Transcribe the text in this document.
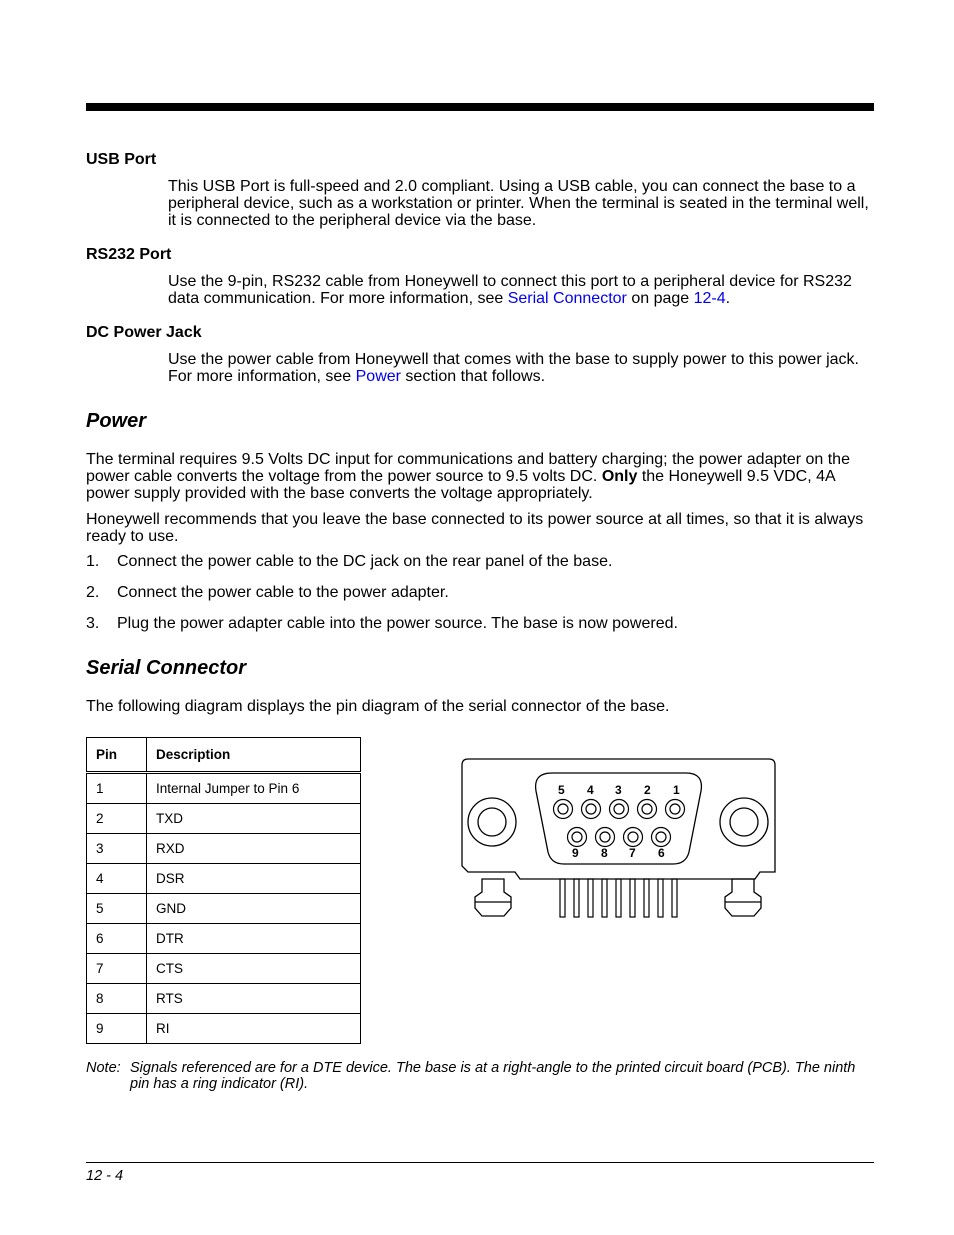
USB Port
This USB Port is full-speed and 2.0 compliant. Using a USB cable, you can connect the base to a peripheral device, such as a workstation or printer. When the terminal is seated in the terminal well, it is connected to the peripheral device via the base.
RS232 Port
Use the 9-pin, RS232 cable from Honeywell to connect this port to a peripheral device for RS232 data communication. For more information, see Serial Connector on page 12-4.
DC Power Jack
Use the power cable from Honeywell that comes with the base to supply power to this power jack. For more information, see Power section that follows.
Power
The terminal requires 9.5 Volts DC input for communications and battery charging; the power adapter on the power cable converts the voltage from the power source to 9.5 volts DC. Only the Honeywell 9.5 VDC, 4A power supply provided with the base converts the voltage appropriately.
Honeywell recommends that you leave the base connected to its power source at all times, so that it is always ready to use.
1. Connect the power cable to the DC jack on the rear panel of the base.
2. Connect the power cable to the power adapter.
3. Plug the power adapter cable into the power source. The base is now powered.
Serial Connector
The following diagram displays the pin diagram of the serial connector of the base.
Pin	Description
1	Internal Jumper to Pin 6
2	TXD
3	RXD
4	DSR
5	GND
6	DTR
7	CTS
8	RTS
9	RI
5 4 3 2 1
9 8 7 6
Note: Signals referenced are for a DTE device. The base is at a right-angle to the printed circuit board (PCB). The ninth pin has a ring indicator (RI).
12 - 4
